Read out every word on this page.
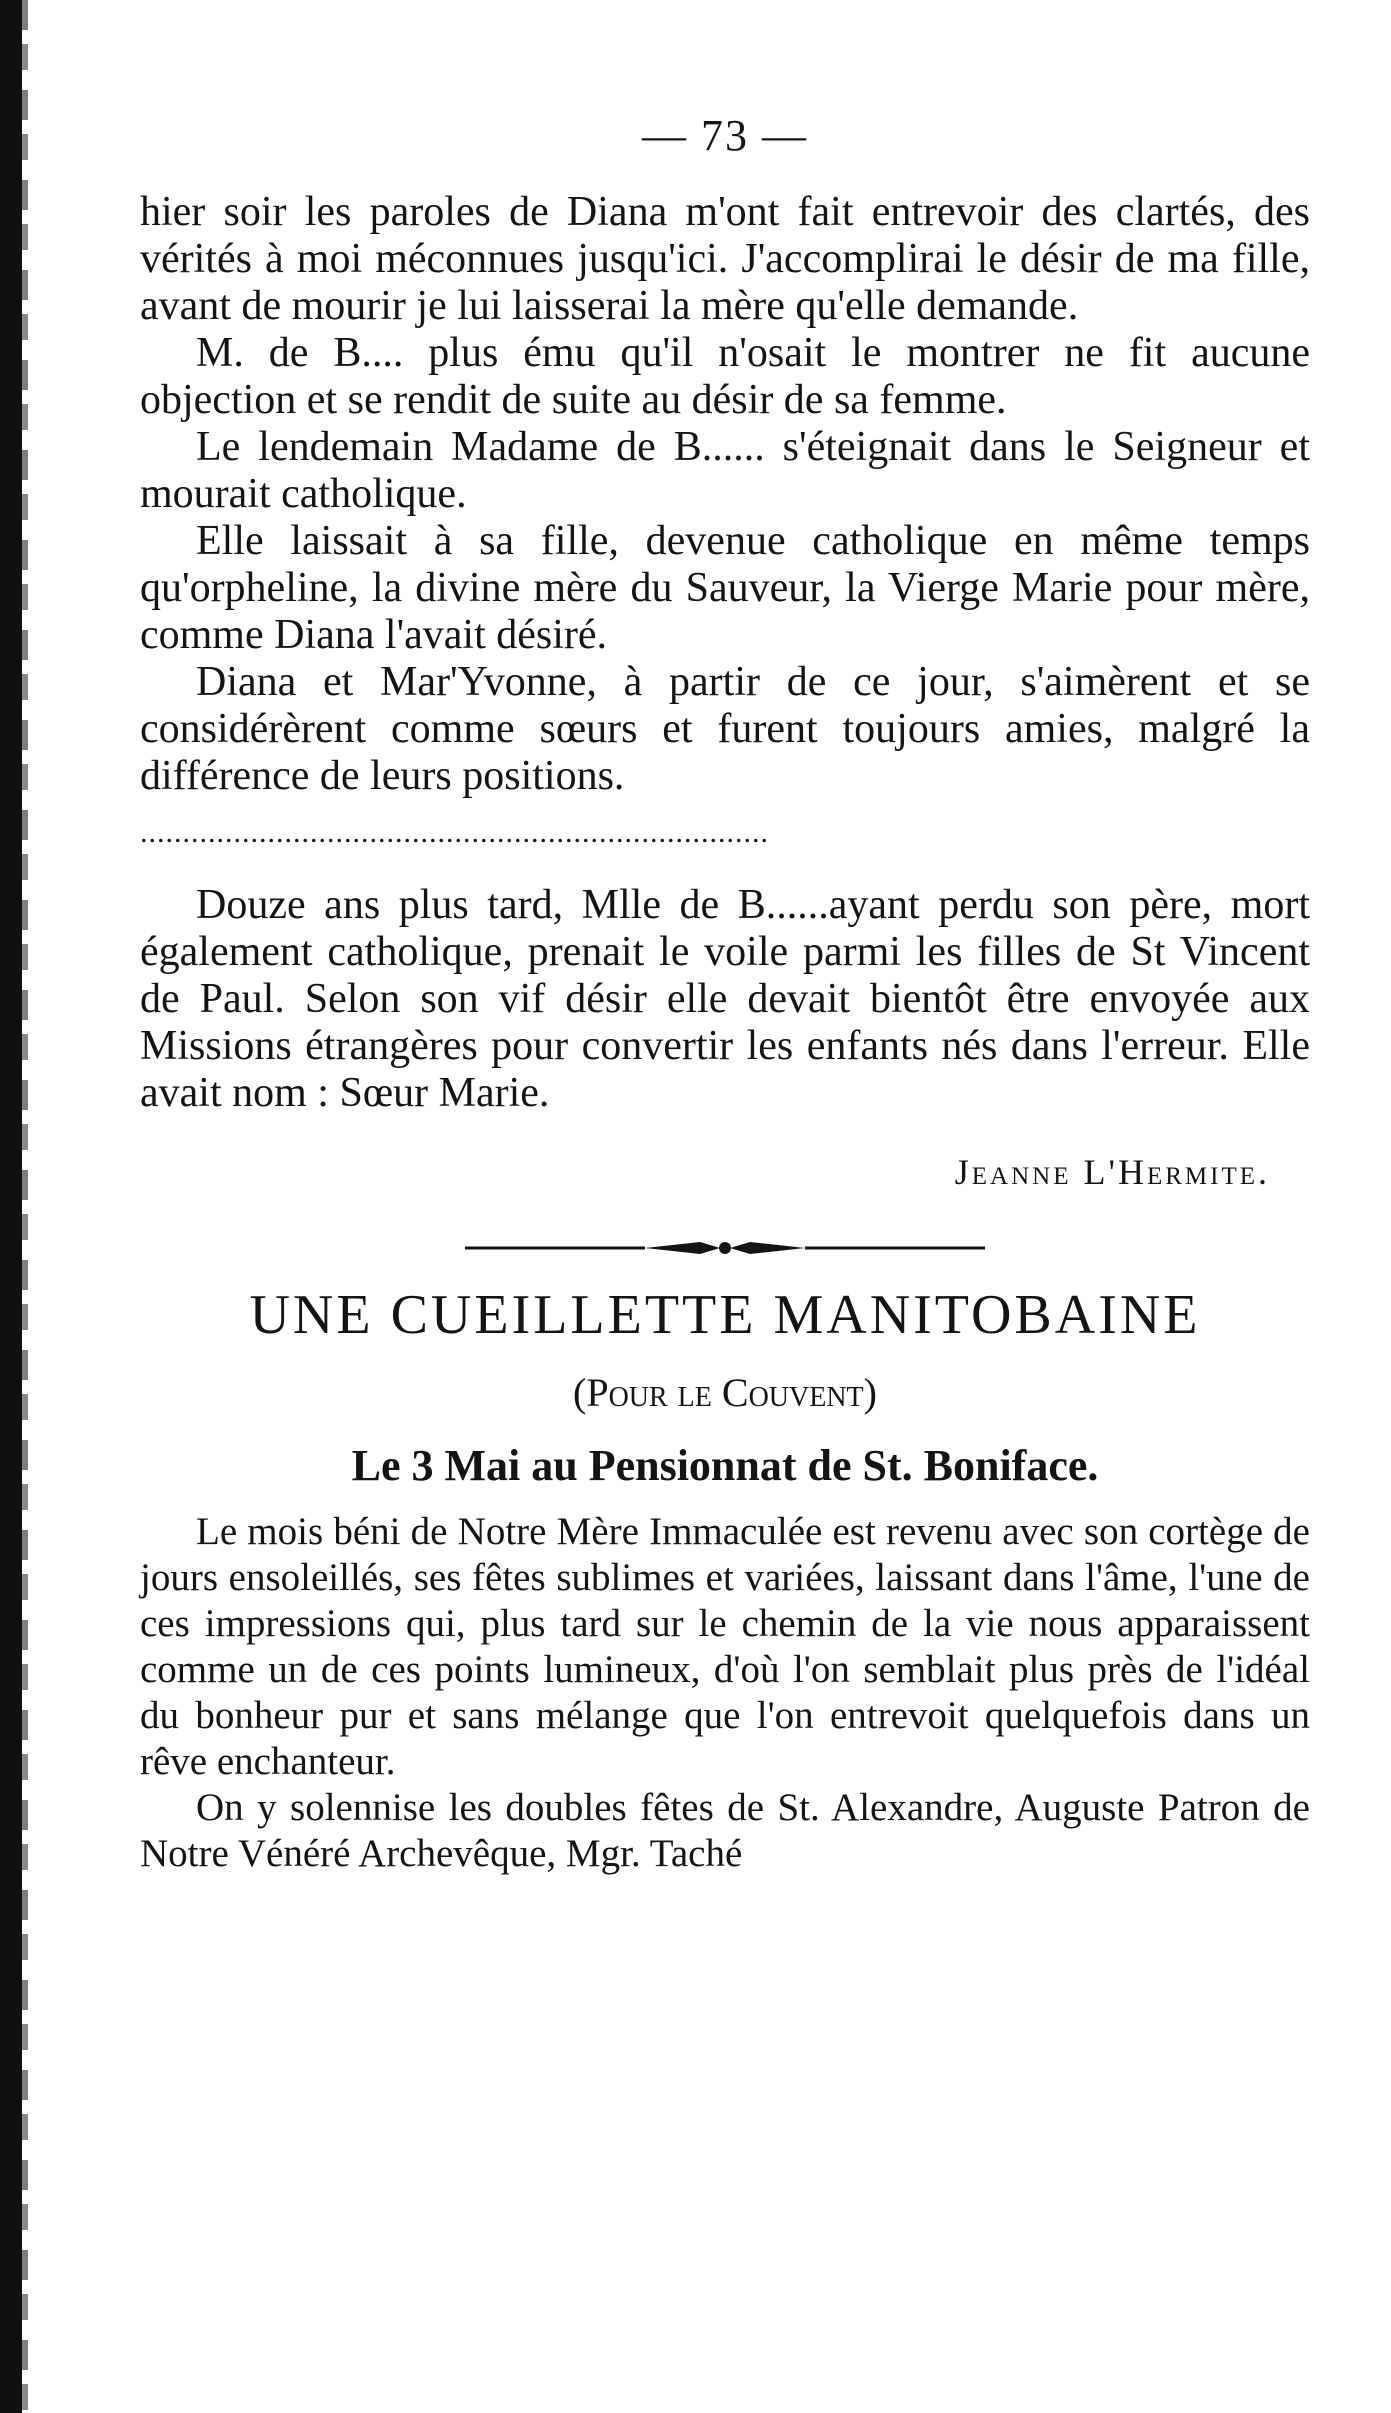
— 73 —

hier soir les paroles de Diana m'ont fait entrevoir des clartés, des vérités à moi méconnues jusqu'ici. J'accomplirai le désir de ma fille, avant de mourir je lui laisserai la mère qu'elle demande.

M. de B.... plus ému qu'il n'osait le montrer ne fit aucune objection et se rendit de suite au désir de sa femme.

Le lendemain Madame de B...... s'éteignait dans le Seigneur et mourait catholique.

Elle laissait à sa fille, devenue catholique en même temps qu'orpheline, la divine mère du Sauveur, la Vierge Marie pour mère, comme Diana l'avait désiré.

Diana et Mar'Yvonne, à partir de ce jour, s'aimèrent et se considérèrent comme sœurs et furent toujours amies, malgré la différence de leurs positions.

..........................................................................

Douze ans plus tard, Mlle de B......ayant perdu son père, mort également catholique, prenait le voile parmi les filles de St Vincent de Paul. Selon son vif désir elle devait bientôt être envoyée aux Missions étrangères pour convertir les enfants nés dans l'erreur. Elle avait nom : Sœur Marie.

Jeanne L'Hermite.
UNE CUEILLETTE MANITOBAINE
(Pour le Couvent)
Le 3 Mai au Pensionnat de St. Boniface.

Le mois béni de Notre Mère Immaculée est revenu avec son cortège de jours ensoleillés, ses fêtes sublimes et variées, laissant dans l'âme, l'une de ces impressions qui, plus tard sur le chemin de la vie nous apparaissent comme un de ces points lumineux, d'où l'on semblait plus près de l'idéal du bonheur pur et sans mélange que l'on entrevoit quelquefois dans un rêve enchanteur.

On y solennise les doubles fêtes de St. Alexandre, Auguste Patron de Notre Vénéré Archevêque, Mgr. Taché
